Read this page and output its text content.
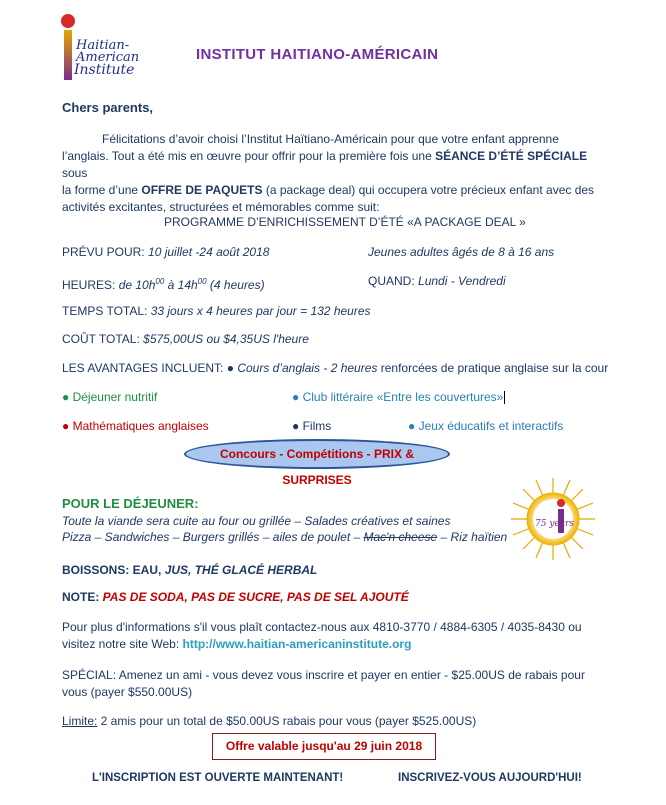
Haitian-
American
Institute
INSTITUT HAITIANO-AMÉRICAIN
Chers parents,

Félicitations d’avoir choisi l’Institut Haïtiano-Américain pour que votre enfant apprenne

l’anglais. Tout a été mis en œuvre pour offrir pour la première fois une SÉANCE D’ÉTÉ SPÉCIALE sous

la forme d’une OFFRE DE PAQUETS (a package deal) qui occupera votre précieux enfant avec des

activités excitantes, structurées et mémorables comme suit:

PROGRAMME D’ENRICHISSEMENT D’ÉTÉ «A PACKAGE DEAL »
PRÉVU POUR: 10 juillet -24 août 2018	Jeunes adultes âgés de 8 à 16 ans
HEURES: de $10h^{00}$ à $14h^{00}$ (4 heures)	QUAND: Lundi - Vendredi
TEMPS TOTAL: 33 jours x 4 heures par jour = 132 heures
COÛT TOTAL: $575,00US ou $4,35US l'heure
LES AVANTAGES INCLUENT: ● Cours d’anglais - 2 heures renforcées de pratique anglaise sur la cour
● Déjeuner nutritif	● Club littéraire «Entre les couvertures»
● Mathématiques anglaises	● Films	● Jeux éducatifs et interactifs
Concours - Compétitions - PRIX & SURPRISES
POUR LE DÉJEUNER:
Toute la viande sera cuite au four ou grillée – Salades créatives et saines
Pizza – Sandwiches – Burgers grillés – ailes de poulet – Mac'n cheese – Riz haïtien
75 years
BOISSONS: EAU, JUS, THÉ GLACÉ HERBAL
NOTE: PAS DE SODA, PAS DE SUCRE, PAS DE SEL AJOUTÉ

Pour plus d'informations s'il vous plaît contactez-nous aux 4810-3770 / 4884-6305 / 4035-8430 ou

visitez notre site Web: http://www.haitian-americaninstitute.org

SPÉCIAL: Amenez un ami - vous devez vous inscrire et payer en entier - $25.00US de rabais pour

vous (payer $550.00US)

Limite: 2 amis pour un total de $50.00US rabais pour vous (payer $525.00US)
Offre valable jusqu'au 29 juin 2018
L'INSCRIPTION EST OUVERTE MAINTENANT!	INSCRIVEZ-VOUS AUJOURD'HUI!
